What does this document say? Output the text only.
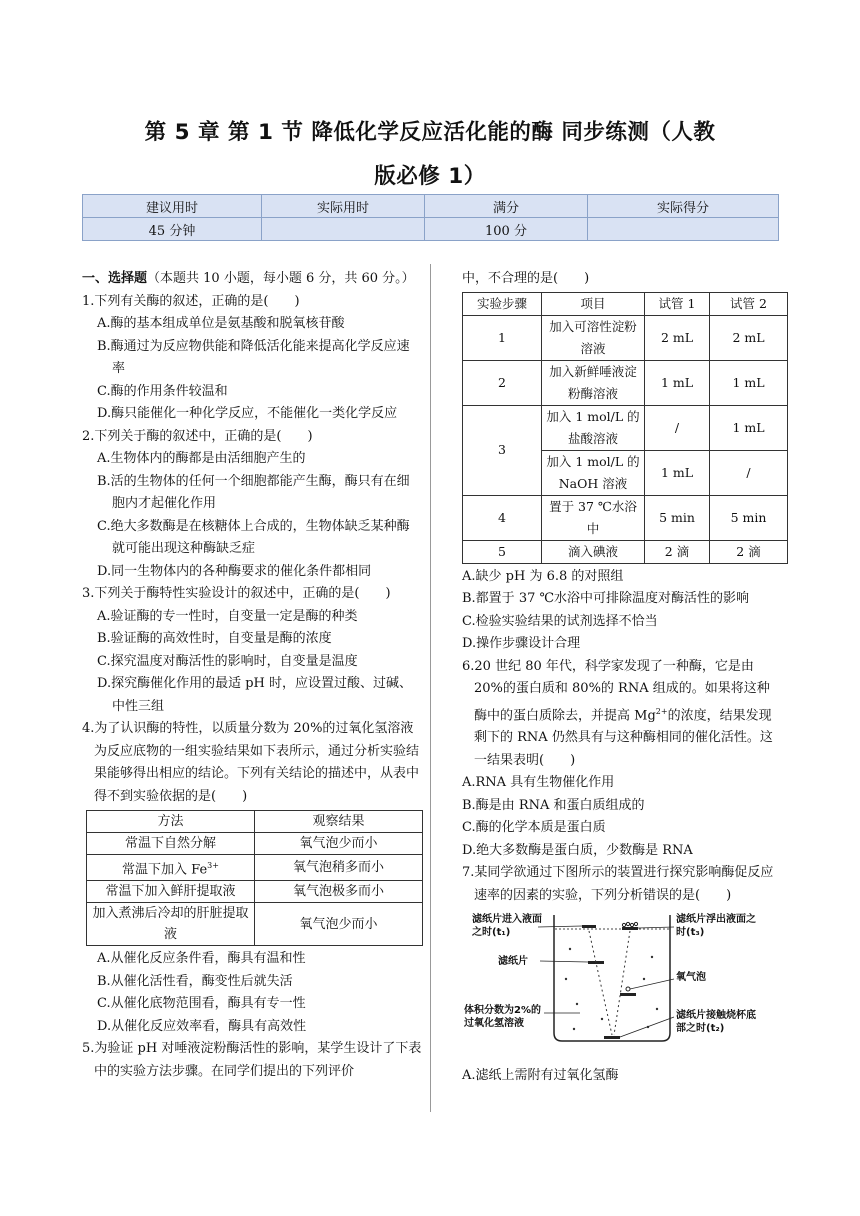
第 5 章 第 1 节 降低化学反应活化能的酶 同步练测（人教
版必修 1）
建议用时	实际用时	满分	实际得分
45 分钟		100 分	

一、选择题（本题共 10 小题，每小题 6 分，共 60 分。）

1.下列有关酶的叙述，正确的是(　　)

A.酶的基本组成单位是氨基酸和脱氧核苷酸

B.酶通过为反应物供能和降低活化能来提高化学反应速率

C.酶的作用条件较温和

D.酶只能催化一种化学反应，不能催化一类化学反应

2.下列关于酶的叙述中，正确的是(　　)

A.生物体内的酶都是由活细胞产生的

B.活的生物体的任何一个细胞都能产生酶，酶只有在细胞内才起催化作用

C.绝大多数酶是在核糖体上合成的，生物体缺乏某种酶就可能出现这种酶缺乏症

D.同一生物体内的各种酶要求的催化条件都相同

3.下列关于酶特性实验设计的叙述中，正确的是(　　)

A.验证酶的专一性时，自变量一定是酶的种类

B.验证酶的高效性时，自变量是酶的浓度

C.探究温度对酶活性的影响时，自变量是温度

D.探究酶催化作用的最适 pH 时，应设置过酸、过碱、中性三组

4.为了认识酶的特性，以质量分数为 20%的过氧化氢溶液为反应底物的一组实验结果如下表所示，通过分析实验结果能够得出相应的结论。下列有关结论的描述中，从表中得不到实验依据的是(　　)

方法	观察结果
常温下自然分解	氧气泡少而小
常温下加入 $Fe^{3+}$	氧气泡稍多而小
常温下加入鲜肝提取液	氧气泡极多而小
加入煮沸后冷却的肝脏提取液	氧气泡少而小

A.从催化反应条件看，酶具有温和性

B.从催化活性看，酶变性后就失活

C.从催化底物范围看，酶具有专一性

D.从催化反应效率看，酶具有高效性

5.为验证 pH 对唾液淀粉酶活性的影响，某学生设计了下表中的实验方法步骤。在同学们提出的下列评价

中，不合理的是(　　)

实验步骤	项目	试管 1	试管 2
1	加入可溶性淀粉溶液	2 mL	2 mL
2	加入新鲜唾液淀粉酶溶液	1 mL	1 mL
3	加入 1 mol/L 的盐酸溶液	/	1 mL
	加入 1 mol/L 的 NaOH 溶液	1 mL	/
4	置于 37 ℃水浴中	5 min	5 min
5	滴入碘液	2 滴	2 滴

A.缺少 pH 为 6.8 的对照组

B.都置于 37 ℃水浴中可排除温度对酶活性的影响

C.检验实验结果的试剂选择不恰当

D.操作步骤设计合理

6.20 世纪 80 年代，科学家发现了一种酶，它是由 20%的蛋白质和 80%的 RNA 组成的。如果将这种酶中的蛋白质除去，并提高 $Mg^{2+}$的浓度，结果发现剩下的 RNA 仍然具有与这种酶相同的催化活性。这一结果表明(　　)

A.RNA 具有生物催化作用

B.酶是由 RNA 和蛋白质组成的

C.酶的化学本质是蛋白质

D.绝大多数酶是蛋白质，少数酶是 RNA

7.某同学欲通过下图所示的装置进行探究影响酶促反应速率的因素的实验，下列分析错误的是(　　)

滤纸片进入液面之时(t₁)
滤纸片浮出液面之时(t₃)
滤纸片
氧气泡
体积分数为2%的过氧化氢溶液
滤纸片接触烧杯底部之时(t₂)

A.滤纸上需附有过氧化氢酶
